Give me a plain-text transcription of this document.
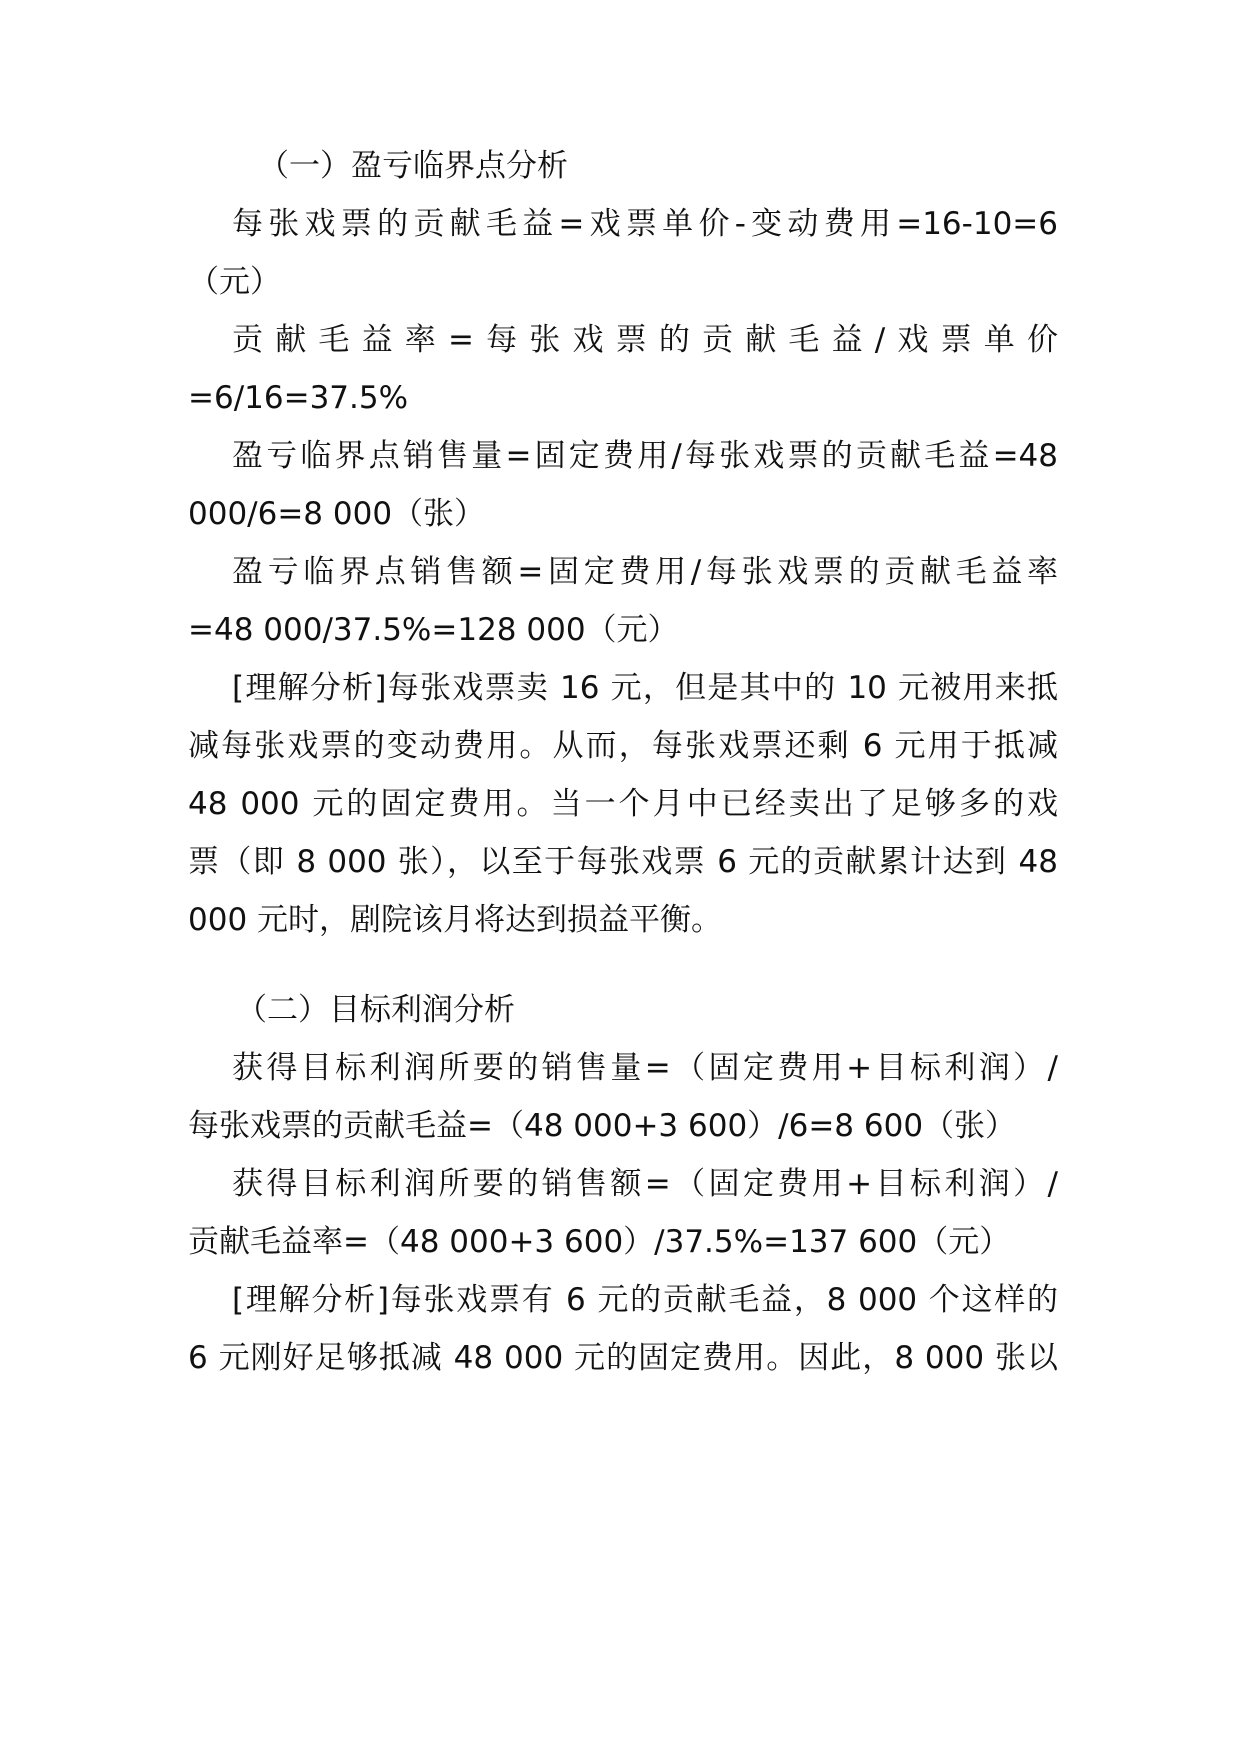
（一）盈亏临界点分析

每张戏票的贡献毛益=戏票单价-变动费用=16-10=6

（元）

贡献毛益率=每张戏票的贡献毛益/戏票单价

=6/16=37.5%

盈亏临界点销售量=固定费用/每张戏票的贡献毛益=48

000/6=8 000（张）

盈亏临界点销售额=固定费用/每张戏票的贡献毛益率

=48 000/37.5%=128 000（元）

[理解分析]每张戏票卖 16 元，但是其中的 10 元被用来抵

减每张戏票的变动费用。从而，每张戏票还剩 6 元用于抵减

48 000 元的固定费用。当一个月中已经卖出了足够多的戏

票（即 8 000 张），以至于每张戏票 6 元的贡献累计达到 48

000 元时，剧院该月将达到损益平衡。

（二）目标利润分析

获得目标利润所要的销售量=（固定费用+目标利润）/

每张戏票的贡献毛益=（48 000+3 600）/6=8 600（张）

获得目标利润所要的销售额=（固定费用+目标利润）/

贡献毛益率=（48 000+3 600）/37.5%=137 600（元）

[理解分析]每张戏票有 6 元的贡献毛益，8 000 个这样的

6 元刚好足够抵减 48 000 元的固定费用。因此，8 000 张以
